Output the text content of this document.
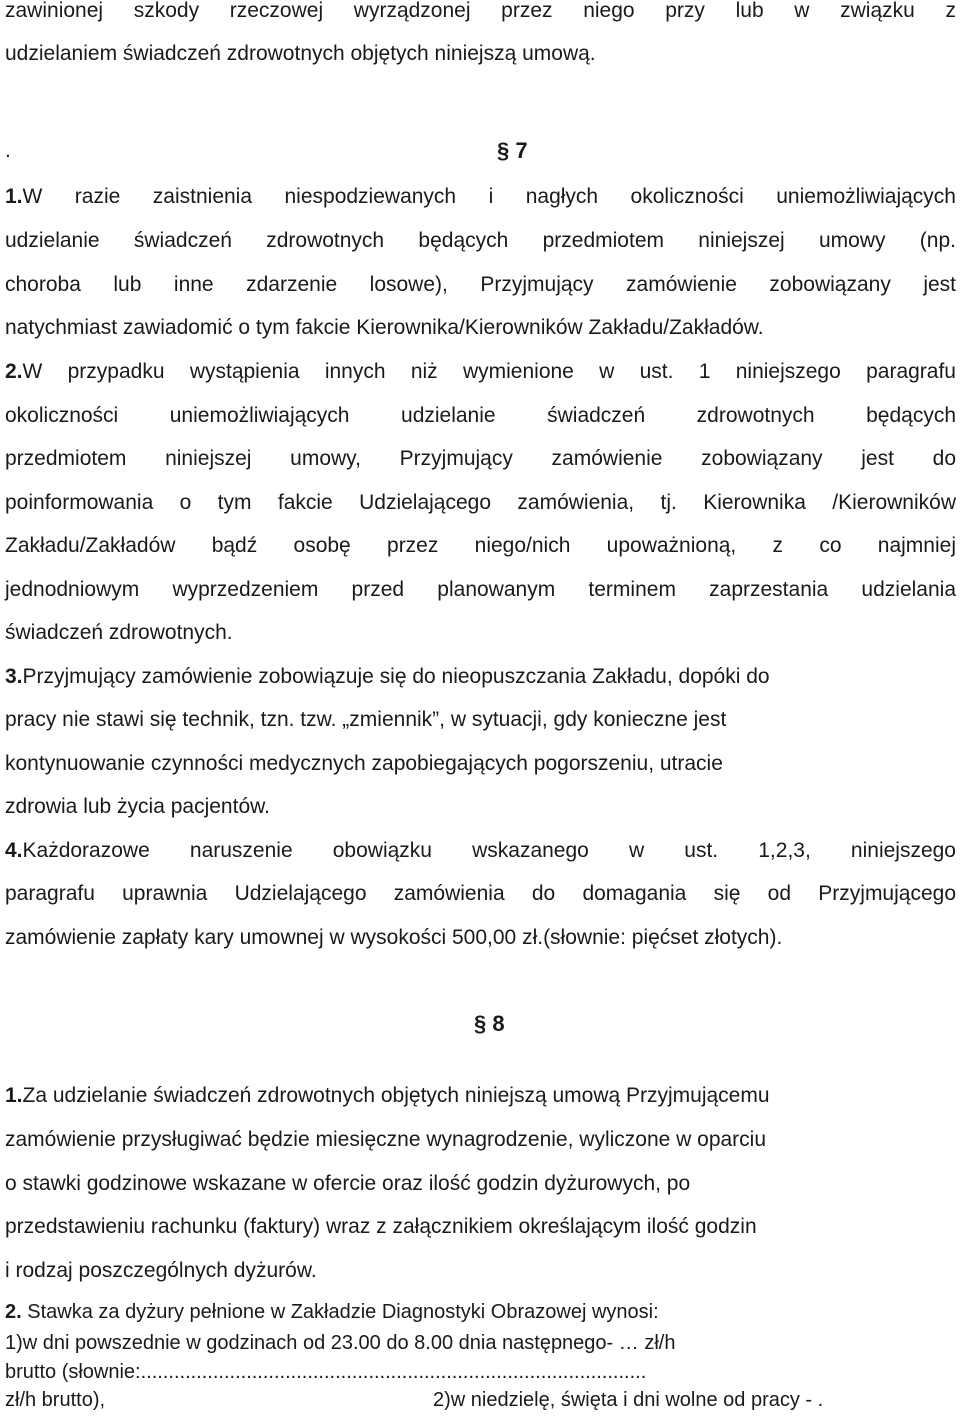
zawinionej szkody rzeczowej wyrządzonej przez niego przy lub w związku z
udzielaniem świadczeń zdrowotnych objętych niniejszą umową.
.	§ 7
1.W razie zaistnienia niespodziewanych i nagłych okoliczności uniemożliwiających
udzielanie świadczeń zdrowotnych będących przedmiotem niniejszej umowy (np.
choroba lub inne zdarzenie losowe), Przyjmujący zamówienie zobowiązany jest
natychmiast zawiadomić o tym fakcie Kierownika/Kierowników Zakładu/Zakładów.
2.W przypadku wystąpienia innych niż wymienione w ust. 1 niniejszego paragrafu
okoliczności uniemożliwiających udzielanie świadczeń zdrowotnych będących
przedmiotem niniejszej umowy, Przyjmujący zamówienie zobowiązany jest do
poinformowania o tym fakcie Udzielającego zamówienia, tj. Kierownika /Kierowników
Zakładu/Zakładów bądź osobę przez niego/nich upoważnioną, z co najmniej
jednodniowym wyprzedzeniem przed planowanym terminem zaprzestania udzielania
świadczeń zdrowotnych.
3.Przyjmujący zamówienie zobowiązuje się do nieopuszczania Zakładu, dopóki do
pracy nie stawi się technik, tzn. tzw. „zmiennik”, w sytuacji, gdy konieczne jest
kontynuowanie czynności medycznych zapobiegających pogorszeniu, utracie
zdrowia lub życia pacjentów.
4.Każdorazowe naruszenie obowiązku wskazanego w ust. 1,2,3, niniejszego
paragrafu uprawnia Udzielającego zamówienia do domagania się od Przyjmującego
zamówienie zapłaty kary umownej w wysokości 500,00 zł.(słownie: pięćset złotych).
§ 8
1.Za udzielanie świadczeń zdrowotnych objętych niniejszą umową Przyjmującemu
zamówienie przysługiwać będzie miesięczne wynagrodzenie, wyliczone w oparciu
o stawki godzinowe wskazane w ofercie oraz ilość godzin dyżurowych, po
przedstawieniu rachunku (faktury) wraz z załącznikiem określającym ilość godzin
i rodzaj poszczególnych dyżurów.
2. Stawka za dyżury pełnione w Zakładzie Diagnostyki Obrazowej wynosi:
1)w dni powszednie w godzinach od 23.00 do 8.00 dnia następnego- … zł/h
brutto (słownie:...........................................................................................
zł/h brutto),	2)w niedzielę, święta i dni wolne od pracy - .
